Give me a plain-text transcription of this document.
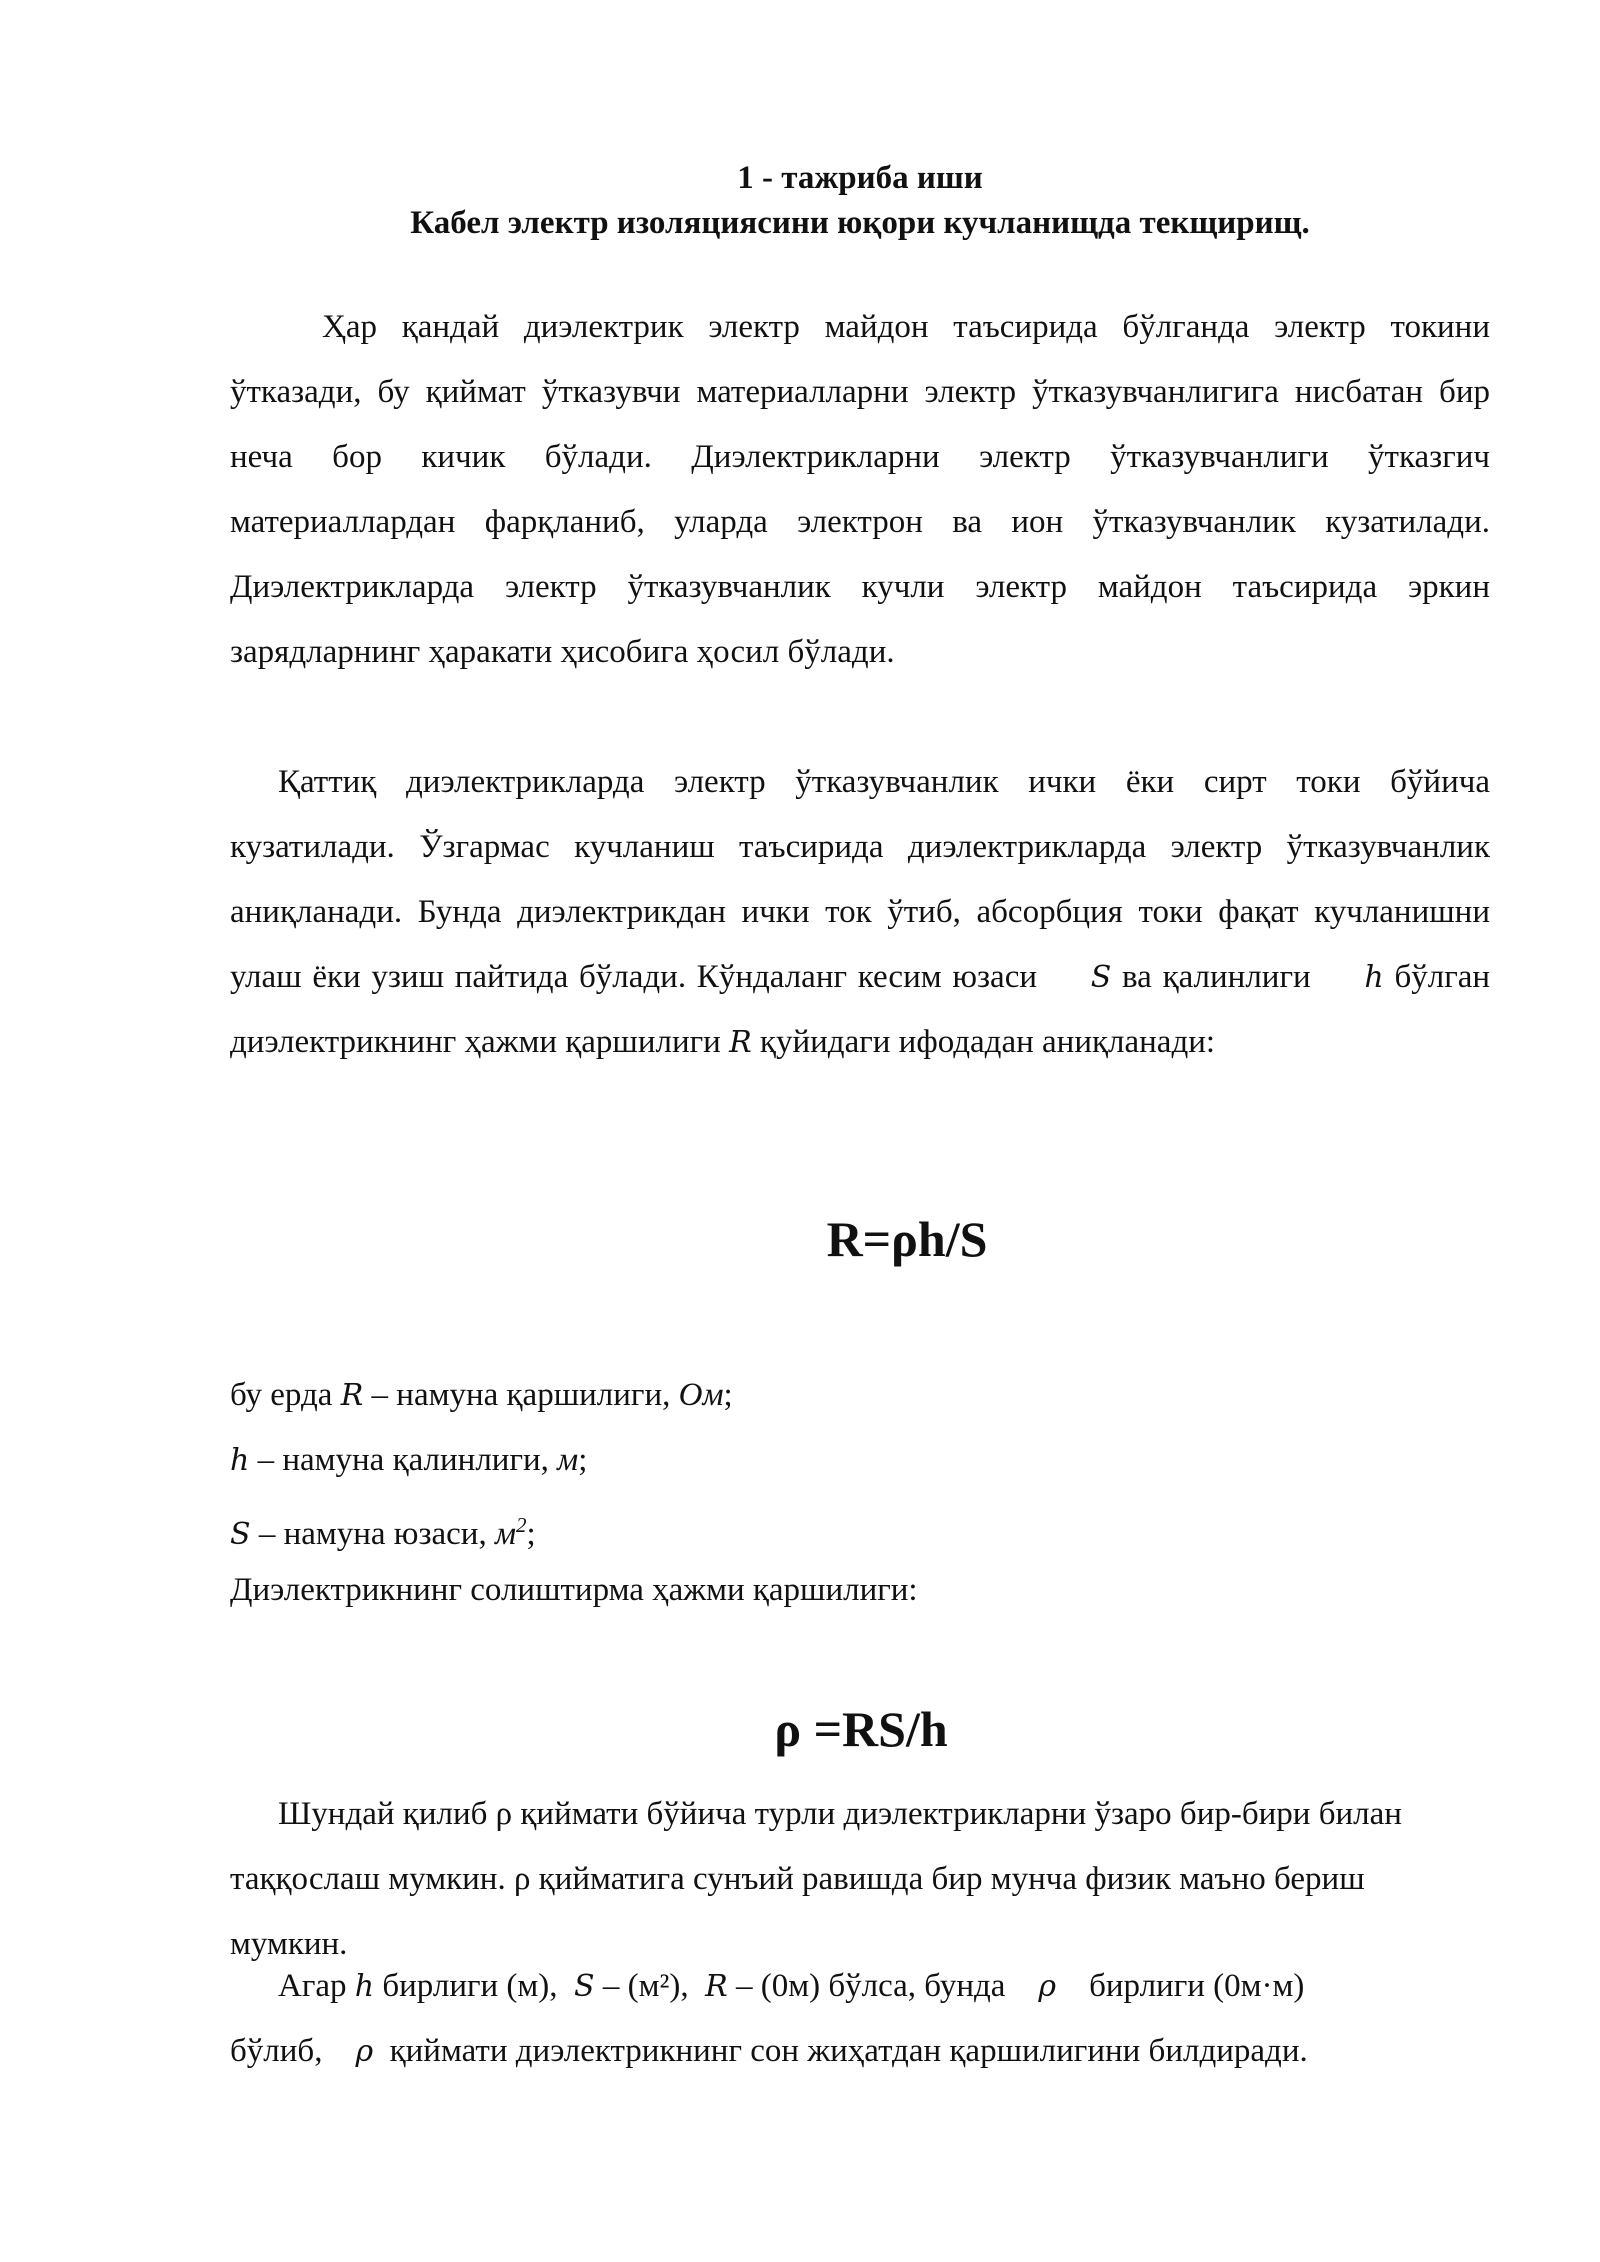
1 - тажриба иши
Кабел электр изоляциясини юқори кучланищда текщирищ.

Ҳар қандай диэлектрик электр майдон таъсирида бўлганда электр токини ўтказади, бу қиймат ўтказувчи материалларни электр ўтказувчанлигига нисбатан бир неча бор кичик бўлади. Диэлектрикларни электр ўтказувчанлиги ўтказгич материаллардан фарқланиб, уларда электрон ва ион ўтказувчанлик кузатилади. Диэлектрикларда электр ўтказувчанлик кучли электр майдон таъсирида эркин зарядларнинг ҳаракати ҳисобига ҳосил бўлади.

Қаттиқ диэлектрикларда электр ўтказувчанлик ички ёки сирт токи бўйича кузатилади. Ўзгармас кучланиш таъсирида диэлектрикларда электр ўтказувчанлик аниқланади. Бунда диэлектрикдан ички ток ўтиб, абсорбция токи фақат кучланишни улаш ёки узиш пайтида бўлади. Кўндаланг кесим юзаси S ва қалинлиги h бўлган диэлектрикнинг ҳажми қаршилиги R қуйидаги ифодадан аниқланади:

R=ρh/S
бу ерда R – намуна қаршилиги, Ом;
h – намуна қалинлиги, м;
S – намуна юзаси, $м^2$;
Диэлектрикнинг солиштирма ҳажми қаршилиги:
ρ =RS/h

Шундай қилиб ρ қиймати бўйича турли диэлектрикларни ўзаро бир-бири билан таққослаш мумкин. ρ қийматига сунъий равишда бир мунча физик маъно бериш мумкин.

Агар h бирлиги (м), S – (м²), R – (0м) бўлса, бунда ρ бирлиги (0м·м)
бўлиб, ρ қиймати диэлектрикнинг сон жиҳатдан қаршилигини билдиради.
